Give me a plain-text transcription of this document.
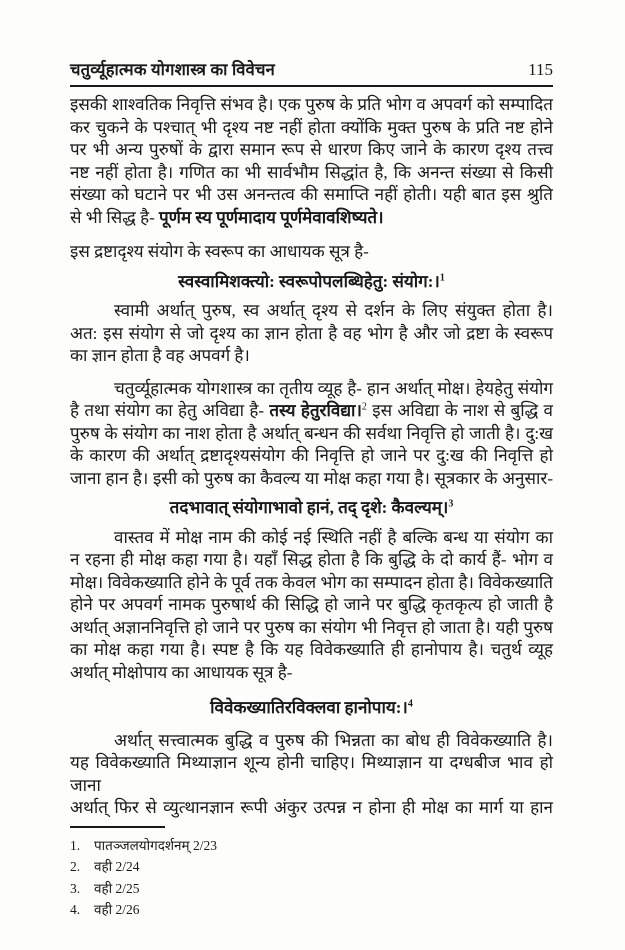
चतुर्व्यूहात्मक योगशास्त्र का विवेचन	115
इसकी शाश्वतिक निवृत्ति संभव है। एक पुरुष के प्रति भोग व अपवर्ग को सम्पादित
कर चुकने के पश्चात् भी दृश्य नष्ट नहीं होता क्योंकि मुक्त पुरुष के प्रति नष्ट होने
पर भी अन्य पुरुषों के द्वारा समान रूप से धारण किए जाने के कारण दृश्य तत्त्व
नष्ट नहीं होता है। गणित का भी सार्वभौम सिद्धांत है, कि अनन्त संख्या से किसी
संख्या को घटाने पर भी उस अनन्तत्व की समाप्ति नहीं होती। यही बात इस श्रुति
से भी सिद्ध है- पूर्णम स्य पूर्णमादाय पूर्णमेवावशिष्यते।
इस द्रष्टादृश्य संयोग के स्वरूप का आधायक सूत्र है-
स्वस्वामिशक्त्यो: स्वरूपोपलब्धिहेतु: संयोग:।$^1$
स्वामी अर्थात् पुरुष, स्व अर्थात् दृश्य से दर्शन के लिए संयुक्त होता है।
अत: इस संयोग से जो दृश्य का ज्ञान होता है वह भोग है और जो द्रष्टा के स्वरूप
का ज्ञान होता है वह अपवर्ग है।
चतुर्व्यूहात्मक योगशास्त्र का तृतीय व्यूह है- हान अर्थात् मोक्ष। हेयहेतु संयोग
है तथा संयोग का हेतु अविद्या है- तस्य हेतुरविद्या।$^2$ इस अविद्या के नाश से बुद्धि व
पुरुष के संयोग का नाश होता है अर्थात् बन्धन की सर्वथा निवृत्ति हो जाती है। दु:ख
के कारण की अर्थात् द्रष्टादृश्यसंयोग की निवृत्ति हो जाने पर दु:ख की निवृत्ति हो
जाना हान है। इसी को पुरुष का कैवल्य या मोक्ष कहा गया है। सूत्रकार के अनुसार-
तदभावात् संयोगाभावो हानं, तद् दृशे: कैवल्यम्।$^3$
वास्तव में मोक्ष नाम की कोई नई स्थिति नहीं है बल्कि बन्ध या संयोग का
न रहना ही मोक्ष कहा गया है। यहाँ सिद्ध होता है कि बुद्धि के दो कार्य हैं- भोग व
मोक्ष। विवेकख्याति होने के पूर्व तक केवल भोग का सम्पादन होता है। विवेकख्याति
होने पर अपवर्ग नामक पुरुषार्थ की सिद्धि हो जाने पर बुद्धि कृतकृत्य हो जाती है
अर्थात् अज्ञाननिवृत्ति हो जाने पर पुरुष का संयोग भी निवृत्त हो जाता है। यही पुरुष
का मोक्ष कहा गया है। स्पष्ट है कि यह विवेकख्याति ही हानोपाय है। चतुर्थ व्यूह
अर्थात् मोक्षोपाय का आधायक सूत्र है-
विवेकख्यातिरविक्लवा हानोपाय:।$^4$
अर्थात् सत्त्वात्मक बुद्धि व पुरुष की भिन्नता का बोध ही विवेकख्याति है।
यह विवेकख्याति मिथ्याज्ञान शून्य होनी चाहिए। मिथ्याज्ञान या दग्धबीज भाव हो जाना
अर्थात् फिर से व्युत्थानज्ञान रूपी अंकुर उत्पन्न न होना ही मोक्ष का मार्ग या हान
1.	पातञ्जलयोगदर्शनम् 2/23
2.	वही 2/24
3.	वही 2/25
4.	वही 2/26
